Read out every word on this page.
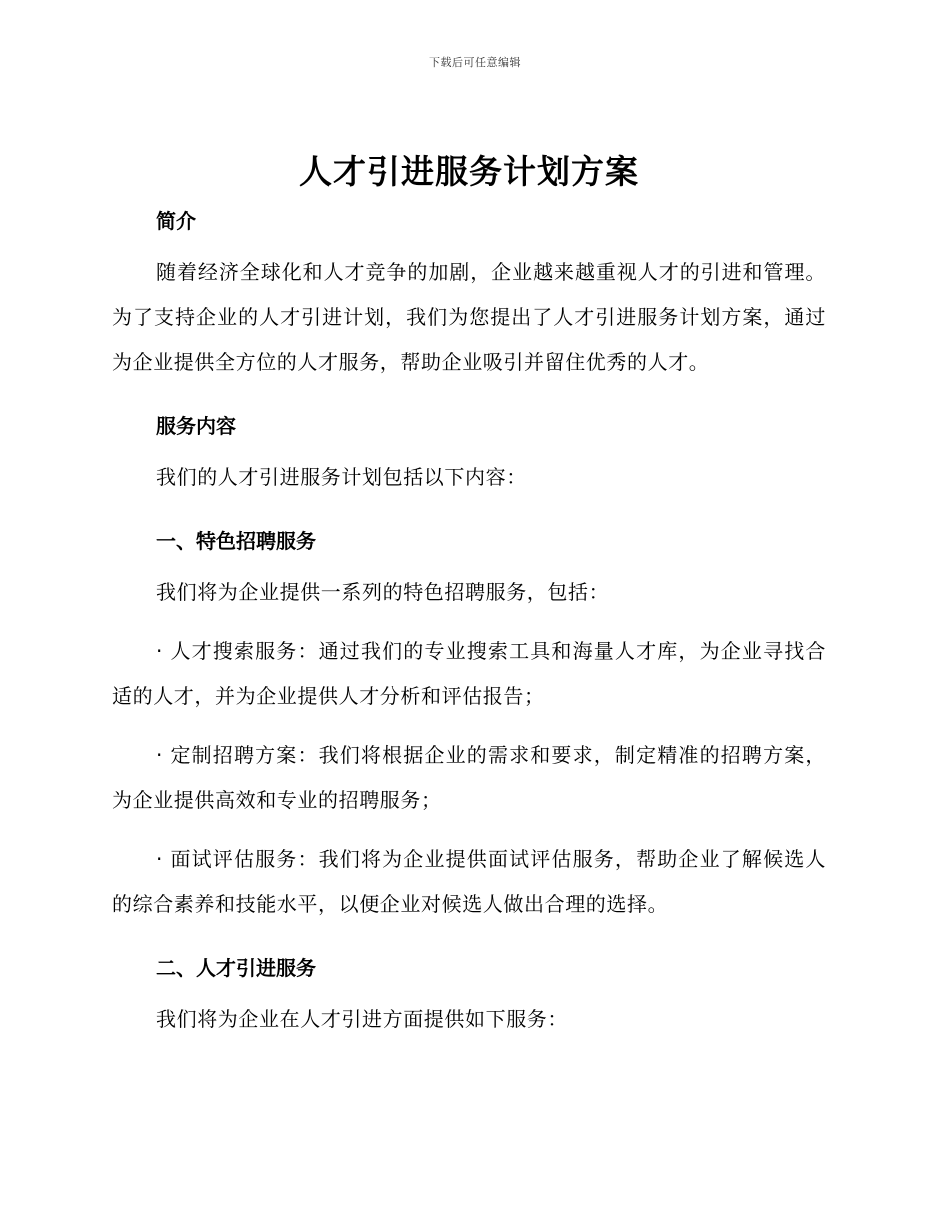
下载后可任意编辑
人才引进服务计划方案

简介

随着经济全球化和人才竞争的加剧，企业越来越重视人才的引进和管理。为了支持企业的人才引进计划，我们为您提出了人才引进服务计划方案，通过为企业提供全方位的人才服务，帮助企业吸引并留住优秀的人才。

服务内容

我们的人才引进服务计划包括以下内容：

一、特色招聘服务

我们将为企业提供一系列的特色招聘服务，包括：

· 人才搜索服务：通过我们的专业搜索工具和海量人才库，为企业寻找合适的人才，并为企业提供人才分析和评估报告；

· 定制招聘方案：我们将根据企业的需求和要求，制定精准的招聘方案，为企业提供高效和专业的招聘服务；

· 面试评估服务：我们将为企业提供面试评估服务，帮助企业了解候选人的综合素养和技能水平，以便企业对候选人做出合理的选择。

二、人才引进服务

我们将为企业在人才引进方面提供如下服务：
